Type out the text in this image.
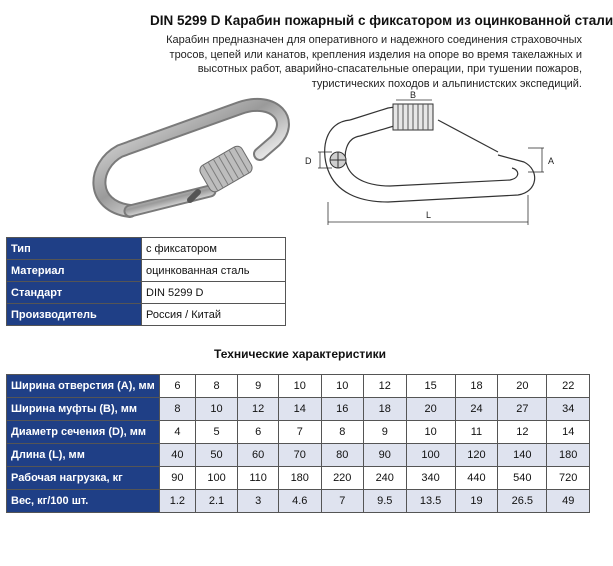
DIN 5299 D Карабин пожарный с фиксатором из оцинкованной стали
Карабин предназначен для оперативного и надежного соединения страховочных тросов, цепей или канатов, крепления изделия на опоре во время такелажных и высотных работ, аварийно-спасательные операции, при тушении пожаров, туристических походов и альпинистских экспедиций.
B
D	A
L
Тип	с фиксатором
Материал	оцинкованная сталь
Стандарт	DIN 5299 D
Производитель	Россия / Китай
Технические характеристики
Ширина отверстия (A), мм	6	8	9	10	10	12	15	18	20	22
Ширина муфты (B), мм	8	10	12	14	16	18	20	24	27	34
Диаметр сечения (D), мм	4	5	6	7	8	9	10	11	12	14
Длина (L), мм	40	50	60	70	80	90	100	120	140	180
Рабочая нагрузка, кг	90	100	110	180	220	240	340	440	540	720
Вес, кг/100 шт.	1.2	2.1	3	4.6	7	9.5	13.5	19	26.5	49
